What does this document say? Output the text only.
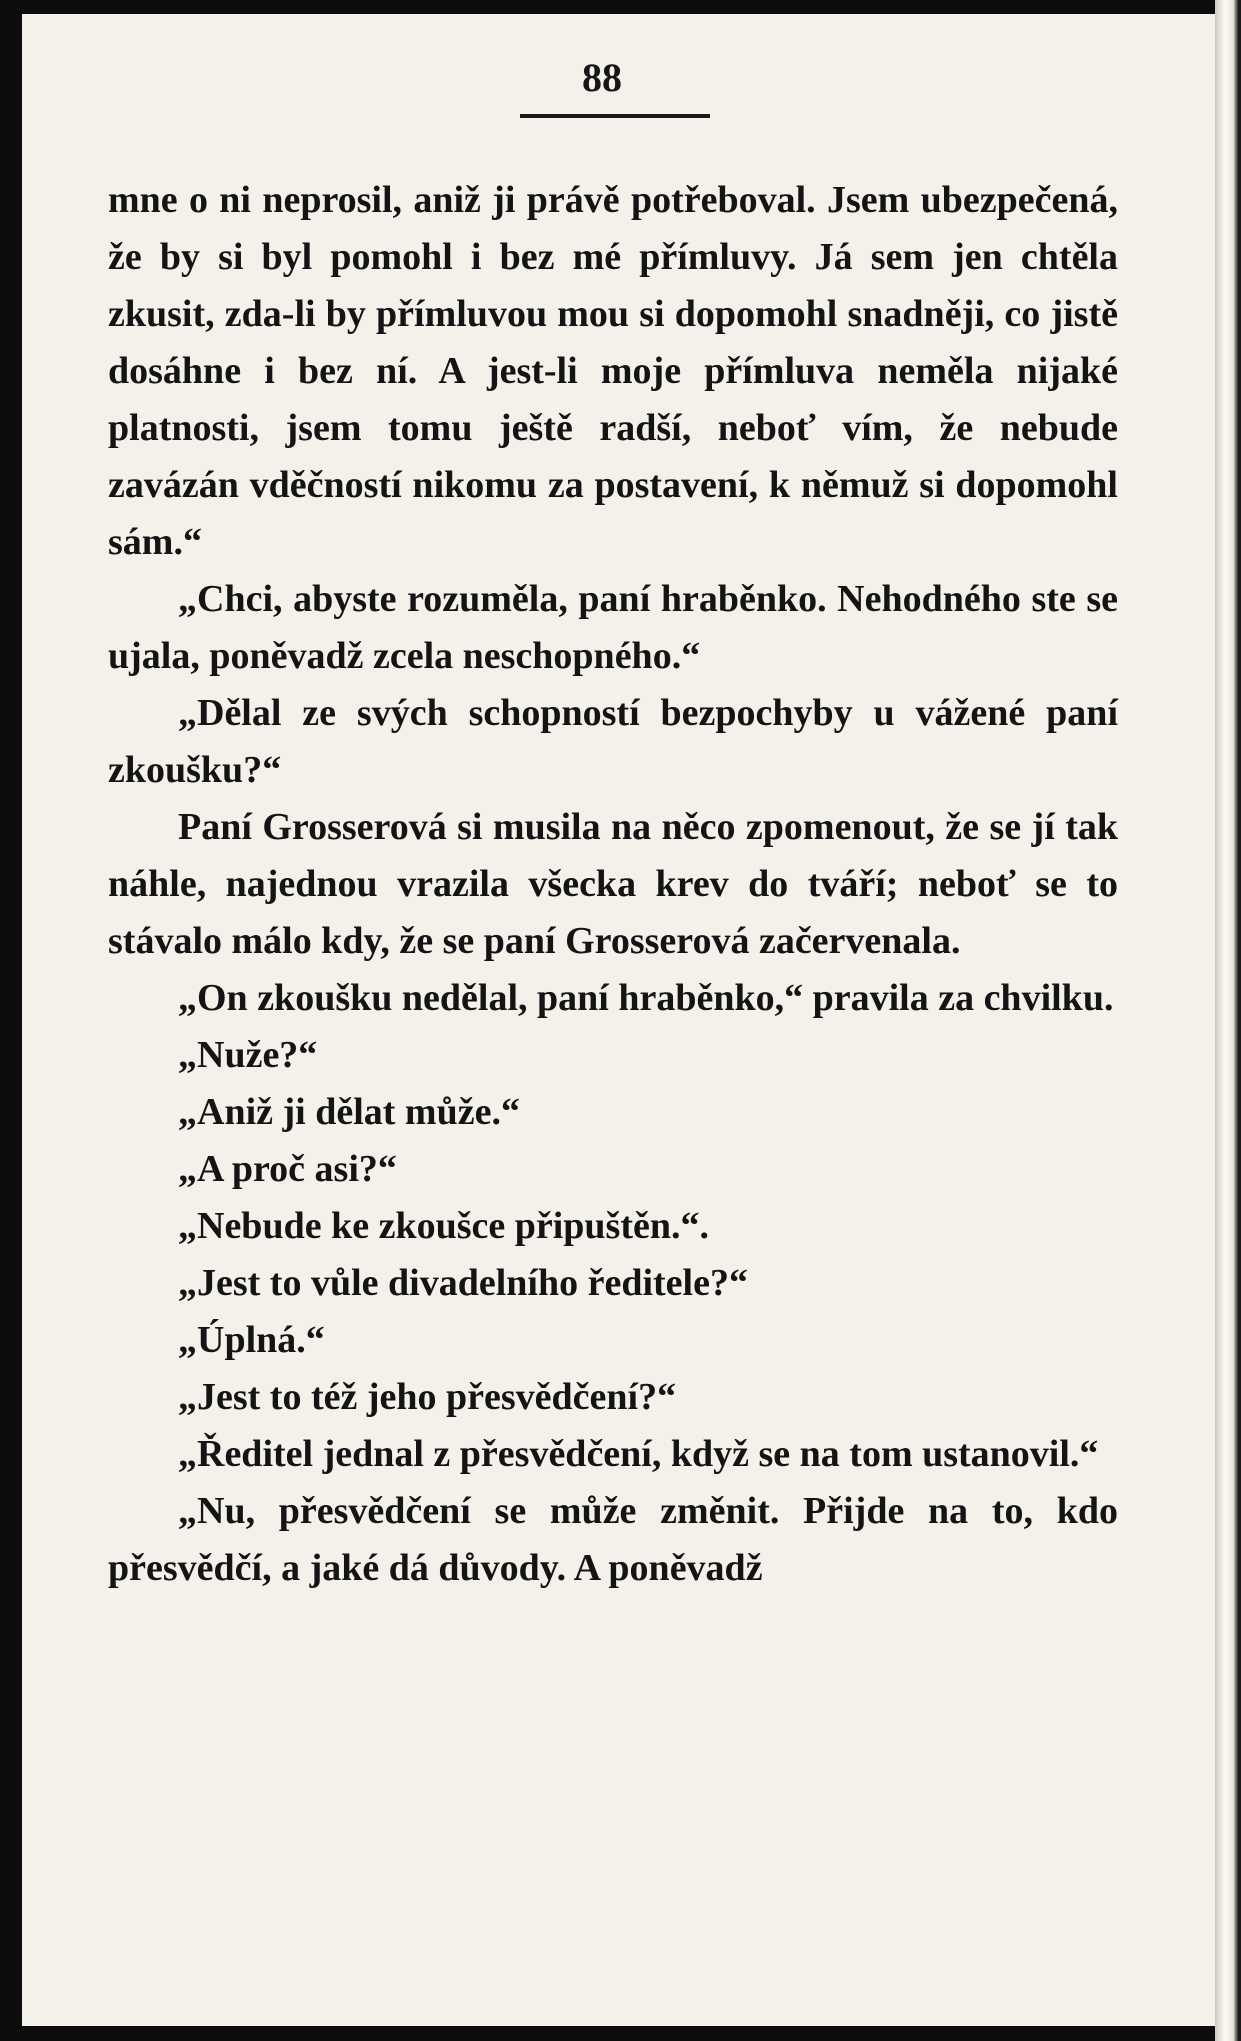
88

mne o ni neprosil, aniž ji právě potřeboval. Jsem ubezpečená, že by si byl pomohl i bez mé přímluvy. Já sem jen chtěla zkusit, zda-li by přímluvou mou si dopomohl snadněji, co jistě dosáhne i bez ní. A jest-li moje přímluva neměla nijaké platnosti, jsem tomu ještě radší, neboť vím, že nebude zavázán vděčností nikomu za postavení, k němuž si dopomohl sám.“

„Chci, abyste rozuměla, paní hraběnko. Nehodného ste se ujala, poněvadž zcela neschopného.“

„Dělal ze svých schopností bezpochyby u vážené paní zkoušku?“

Paní Grosserová si musila na něco zpomenout, že se jí tak náhle, najednou vrazila všecka krev do tváří; neboť se to stávalo málo kdy, že se paní Grosserová začervenala.

„On zkoušku nedělal, paní hraběnko,“ pravila za chvilku.

„Nuže?“

„Aniž ji dělat může.“

„A proč asi?“

„Nebude ke zkoušce připuštěn.“.

„Jest to vůle divadelního ředitele?“

„Úplná.“

„Jest to též jeho přesvědčení?“

„Ředitel jednal z přesvědčení, když se na tom ustanovil.“

„Nu, přesvědčení se může změnit. Přijde na to, kdo přesvědčí, a jaké dá důvody. A poněvadž
